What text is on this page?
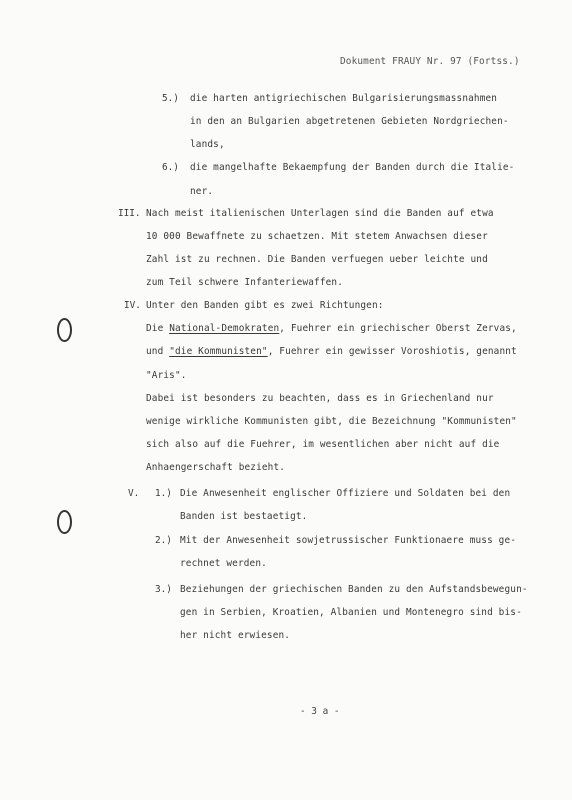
Dokument FRAUY Nr. 97 (Fortss.)
5.) die harten antigriechischen Bulgarisierungsmassnahmen
in den an Bulgarien abgetretenen Gebieten Nordgriechen-
lands,
6.) die mangelhafte Bekaempfung der Banden durch die Italie-
ner.
III. Nach meist italienischen Unterlagen sind die Banden auf etwa
10 000 Bewaffnete zu schaetzen. Mit stetem Anwachsen dieser
Zahl ist zu rechnen. Die Banden verfuegen ueber leichte und
zum Teil schwere Infanteriewaffen.
IV. Unter den Banden gibt es zwei Richtungen:
Die National-Demokraten, Fuehrer ein griechischer Oberst Zervas,
und "die Kommunisten", Fuehrer ein gewisser Voroshiotis, genannt
"Aris".
Dabei ist besonders zu beachten, dass es in Griechenland nur
wenige wirkliche Kommunisten gibt, die Bezeichnung "Kommunisten"
sich also auf die Fuehrer, im wesentlichen aber nicht auf die
Anhaengerschaft bezieht.
V. 1.) Die Anwesenheit englischer Offiziere und Soldaten bei den
Banden ist bestaetigt.
2.) Mit der Anwesenheit sowjetrussischer Funktionaere muss ge-
rechnet werden.
3.) Beziehungen der griechischen Banden zu den Aufstandsbewegun-
gen in Serbien, Kroatien, Albanien und Montenegro sind bis-
her nicht erwiesen.
- 3 a -
